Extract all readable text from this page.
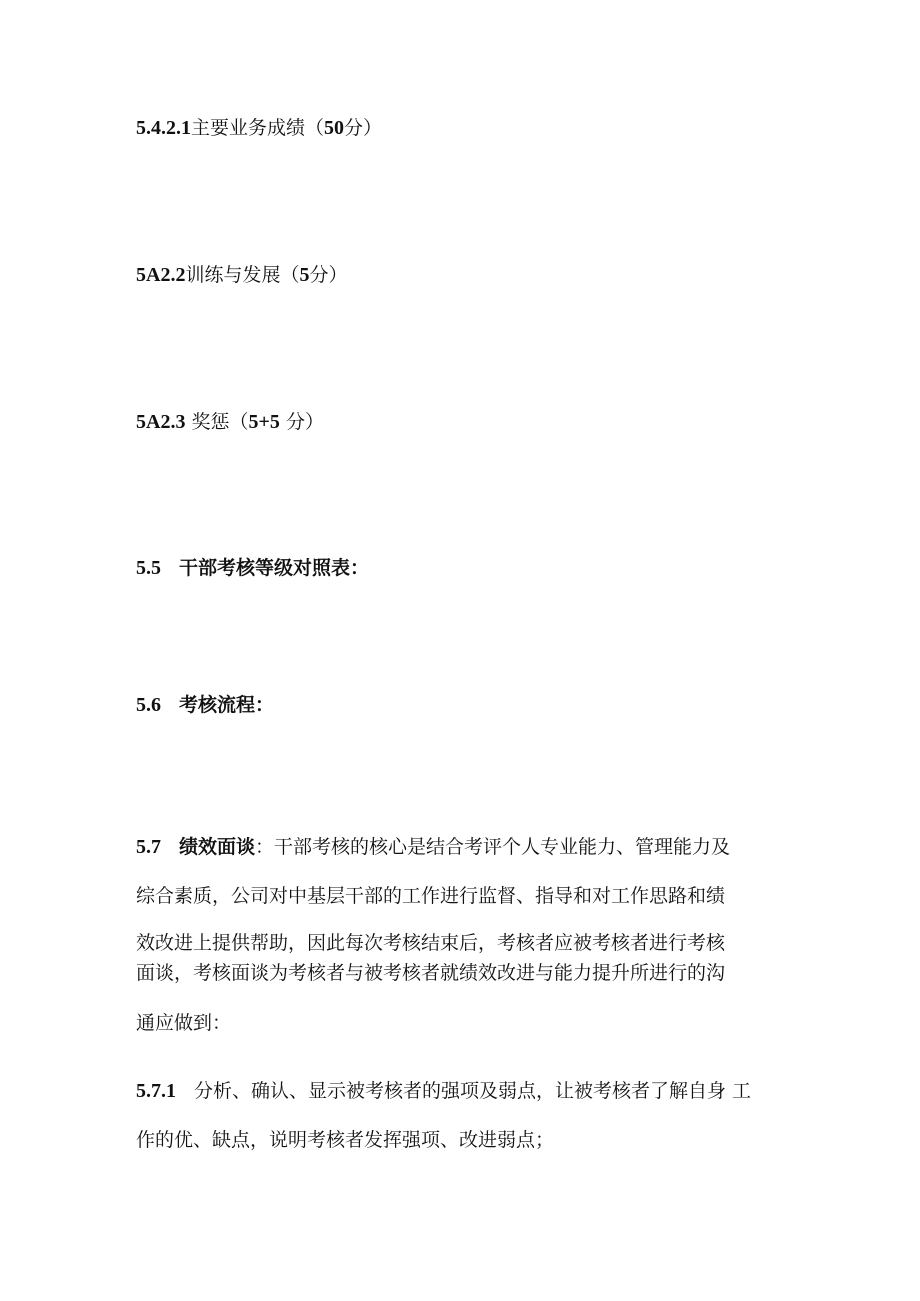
5.4.2.1主要业务成绩（50分）
5A2.2训练与发展（5分）
5A2.3 奖惩（5+5 分）
5.5 干部考核等级对照表：
5.6 考核流程：
5.7 绩效面谈：干部考核的核心是结合考评个人专业能力、管理能力及
综合素质，公司对中基层干部的工作进行监督、指导和对工作思路和绩
效改进上提供帮助，因此每次考核结束后，考核者应被考核者进行考核
面谈，考核面谈为考核者与被考核者就绩效改进与能力提升所进行的沟
通应做到：
5.7.1 分析、确认、显示被考核者的强项及弱点，让被考核者了解自身 工
作的优、缺点，说明考核者发挥强项、改进弱点；
